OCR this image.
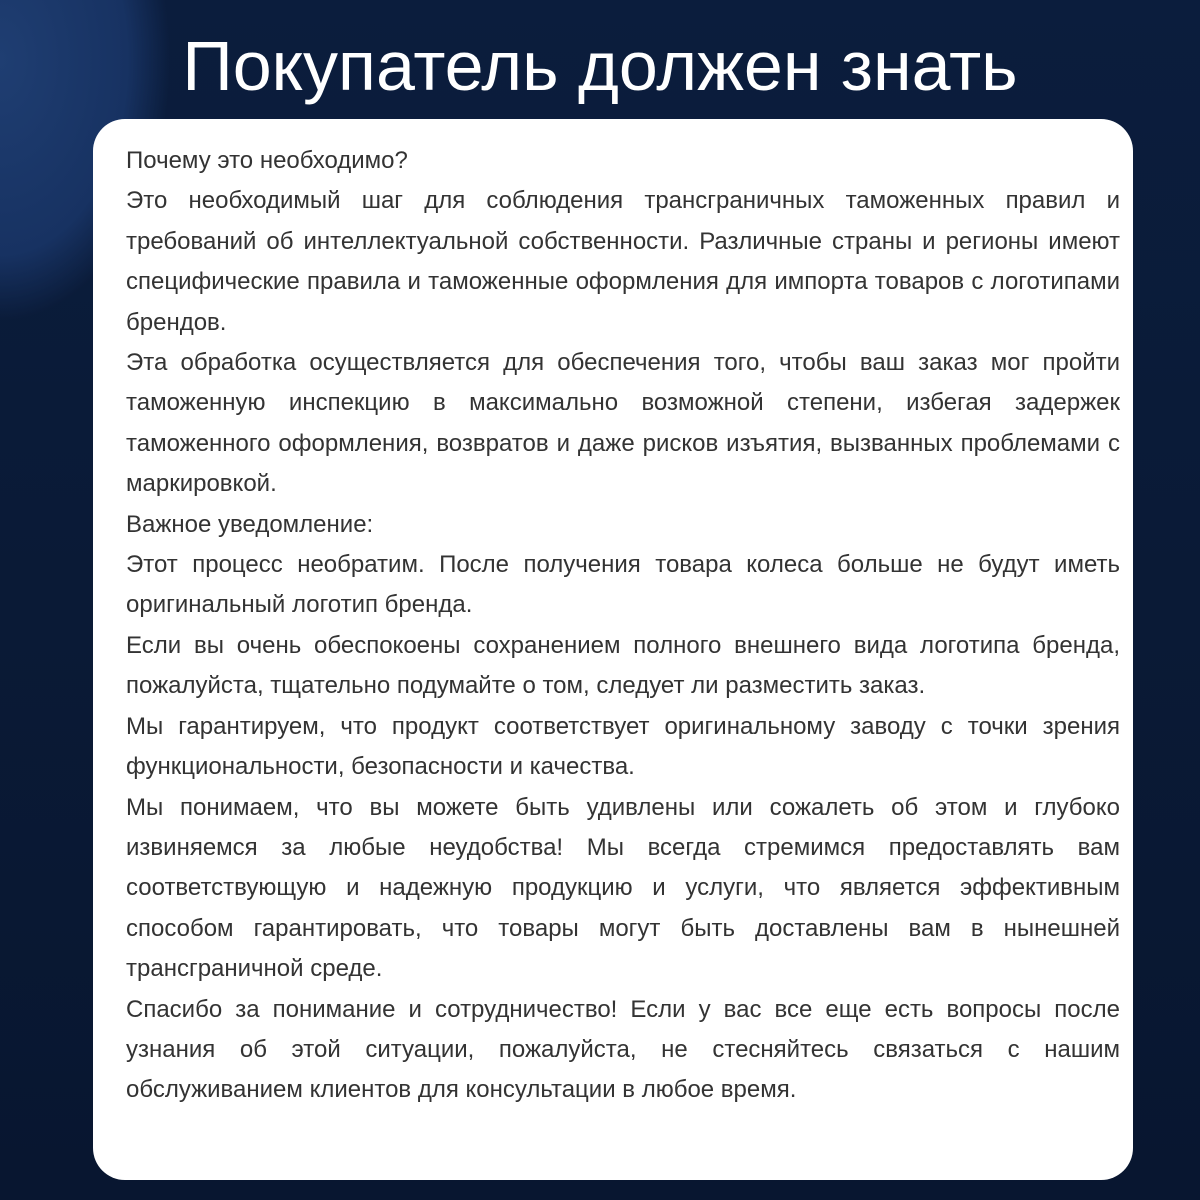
Покупатель должен знать

Почему это необходимо?

Это необходимый шаг для соблюдения трансграничных таможенных правил и требований об интеллектуальной собственности. Различные страны и регионы имеют специфические правила и таможенные оформления для импорта товаров с логотипами брендов.

Эта обработка осуществляется для обеспечения того, чтобы ваш заказ мог пройти таможенную инспекцию в максимально возможной степени, избегая задержек таможенного оформления, возвратов и даже рисков изъятия, вызванных проблемами с маркировкой.

Важное уведомление:

Этот процесс необратим. После получения товара колеса больше не будут иметь оригинальный логотип бренда.

Если вы очень обеспокоены сохранением полного внешнего вида логотипа бренда, пожалуйста, тщательно подумайте о том, следует ли разместить заказ.

Мы гарантируем, что продукт соответствует оригинальному заводу с точки зрения функциональности, безопасности и качества.

Мы понимаем, что вы можете быть удивлены или сожалеть об этом и глубоко извиняемся за любые неудобства! Мы всегда стремимся предоставлять вам соответствующую и надежную продукцию и услуги, что является эффективным способом гарантировать, что товары могут быть доставлены вам в нынешней трансграничной среде.

Спасибо за понимание и сотрудничество! Если у вас все еще есть вопросы после узнания об этой ситуации, пожалуйста, не стесняйтесь связаться с нашим обслуживанием клиентов для консультации в любое время.
